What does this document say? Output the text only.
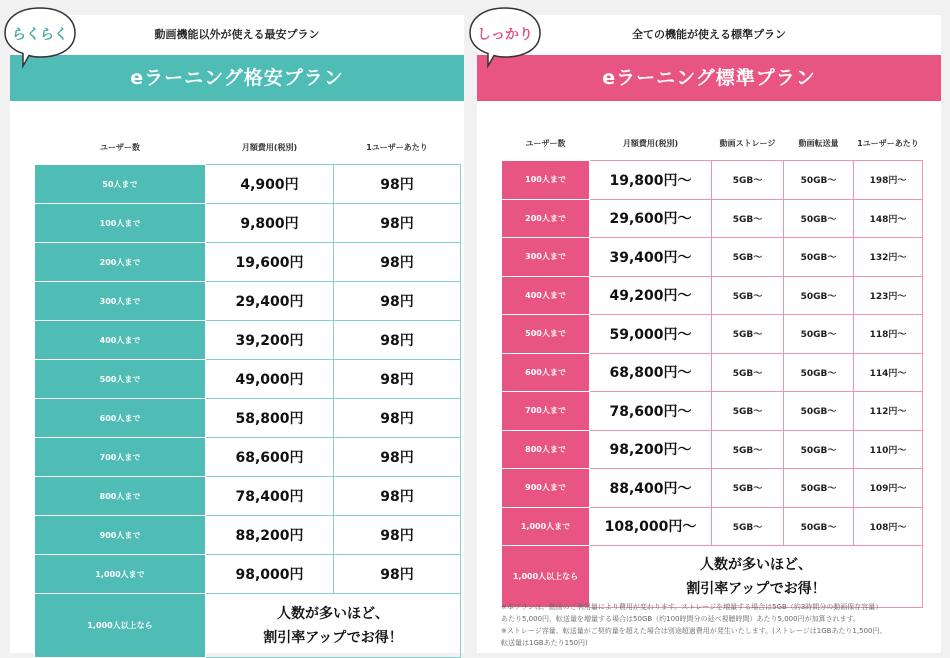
らくらく	しっかり
動画機能以外が使える最安プラン
eラーニング格安プラン
ユーザー数	月額費用(税別)	1ユーザーあたり
50人まで	4,900円	98円
100人まで	9,800円	98円
200人まで	19,600円	98円
300人まで	29,400円	98円
400人まで	39,200円	98円
500人まで	49,000円	98円
600人まで	58,800円	98円
700人まで	68,600円	98円
800人まで	78,400円	98円
900人まで	88,200円	98円
1,000人まで	98,000円	98円
1,000人以上なら	人数が多いほど、
割引率アップでお得！	
全ての機能が使える標準プラン
eラーニング標準プラン
ユーザー数	月額費用(税別)	動画ストレージ	動画転送量	1ユーザーあたり
100人まで	19,800円〜	5GB〜	50GB〜	198円〜
200人まで	29,600円〜	5GB〜	50GB〜	148円〜
300人まで	39,400円〜	5GB〜	50GB〜	132円〜
400人まで	49,200円〜	5GB〜	50GB〜	123円〜
500人まで	59,000円〜	5GB〜	50GB〜	118円〜
600人まで	68,800円〜	5GB〜	50GB〜	114円〜
700人まで	78,600円〜	5GB〜	50GB〜	112円〜
800人まで	98,200円〜	5GB〜	50GB〜	110円〜
900人まで	88,400円〜	5GB〜	50GB〜	109円〜
1,000人まで	108,000円〜	5GB〜	50GB〜	108円〜
1,000人以上なら	人数が多いほど、
割引率アップでお得！			
※本プランは、動画のご利用量により費用が変わります。ストレージを増量する場合は5GB（約3時間分の動画保存容量）
あたり5,000円、転送量を増量する場合は50GB（約100時間分の延べ視聴時間）あたり5,000円が加算されます。
※ストレージ容量、転送量がご契約量を超えた場合は別途超過費用が発生いたします。(ストレージは1GBあたり1,500円、
転送量は1GBあたり150円)
